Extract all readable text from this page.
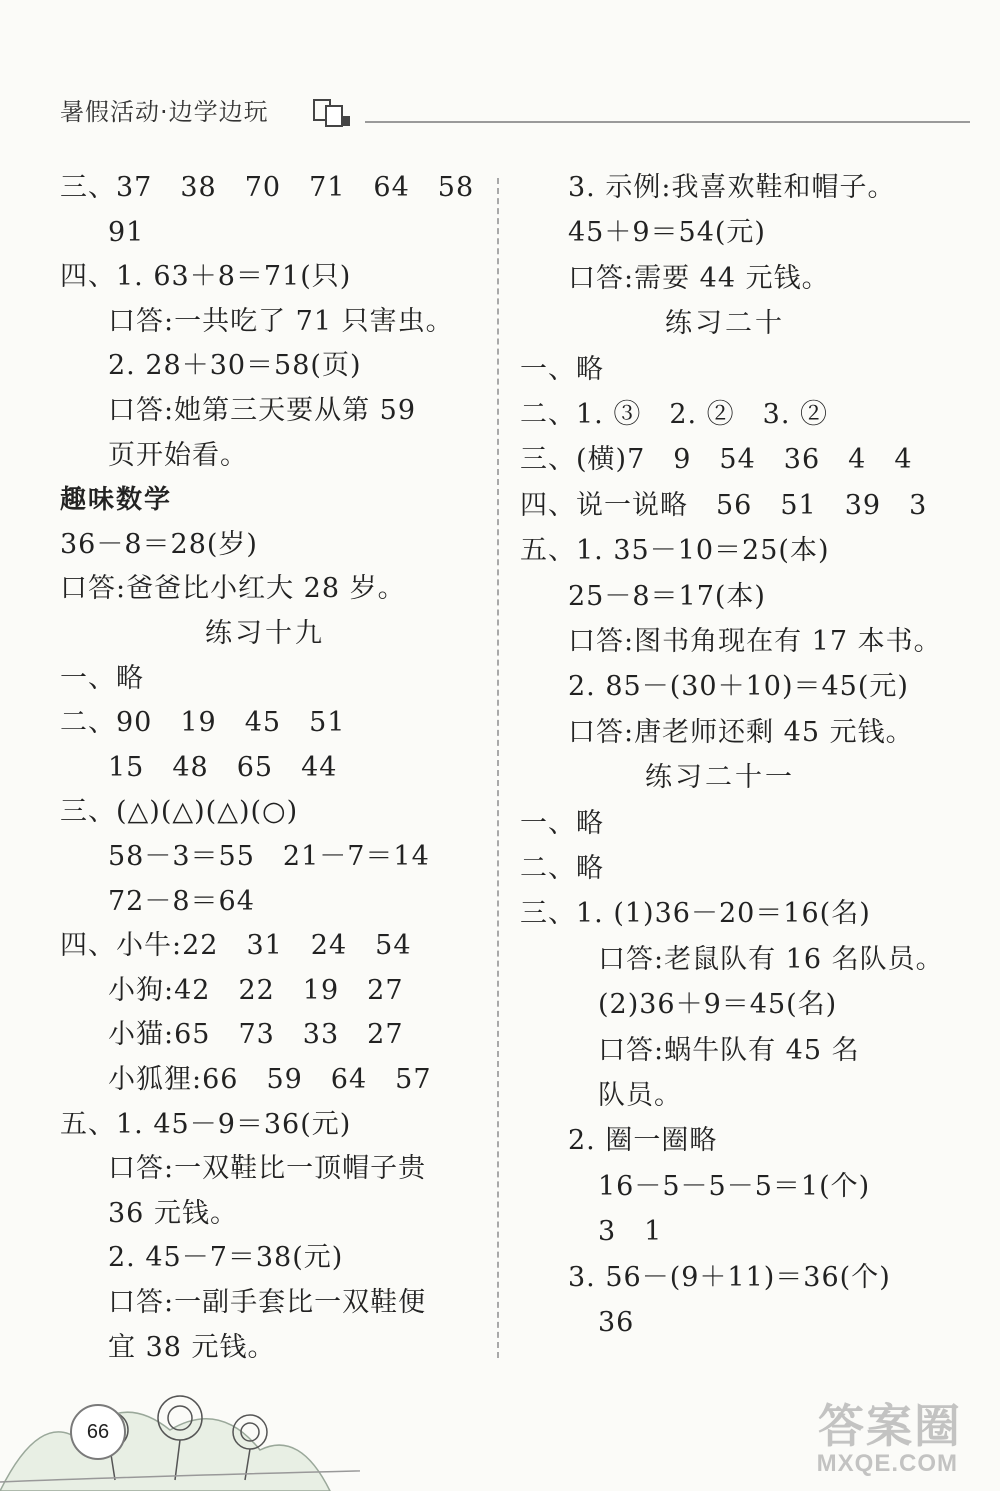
暑假活动·边学边玩
三、37　38　70　71　64　58
91
四、1. 63＋8＝71(只)
口答:一共吃了 71 只害虫。
2. 28＋30＝58(页)
口答:她第三天要从第 59
页开始看。
趣味数学
36－8＝28(岁)
口答:爸爸比小红大 28 岁。
练习十九
一、略
二、90　19　45　51
15　48　65　44
三、(△)(△)(△)(○)
58－3＝55　21－7＝14
72－8＝64
四、小牛:22　31　24　54
小狗:42　22　19　27
小猫:65　73　33　27
小狐狸:66　59　64　57
五、1. 45－9＝36(元)
口答:一双鞋比一顶帽子贵
36 元钱。
2. 45－7＝38(元)
口答:一副手套比一双鞋便
宜 38 元钱。
3. 示例:我喜欢鞋和帽子。
45＋9＝54(元)
口答:需要 44 元钱。
练习二十
一、略
二、1. ③　2. ②　3. ②
三、(横)7　9　54　36　4　4
四、说一说略　56　51　39　3
五、1. 35－10＝25(本)
25－8＝17(本)
口答:图书角现在有 17 本书。
2. 85－(30＋10)＝45(元)
口答:唐老师还剩 45 元钱。
练习二十一
一、略
二、略
三、1. (1)36－20＝16(名)
口答:老鼠队有 16 名队员。
(2)36＋9＝45(名)
口答:蜗牛队有 45 名
队员。
2. 圈一圈略
16－5－5－5＝1(个)
3　1
3. 56－(9＋11)＝36(个)
36
66	答案圈
MXQE.COM
